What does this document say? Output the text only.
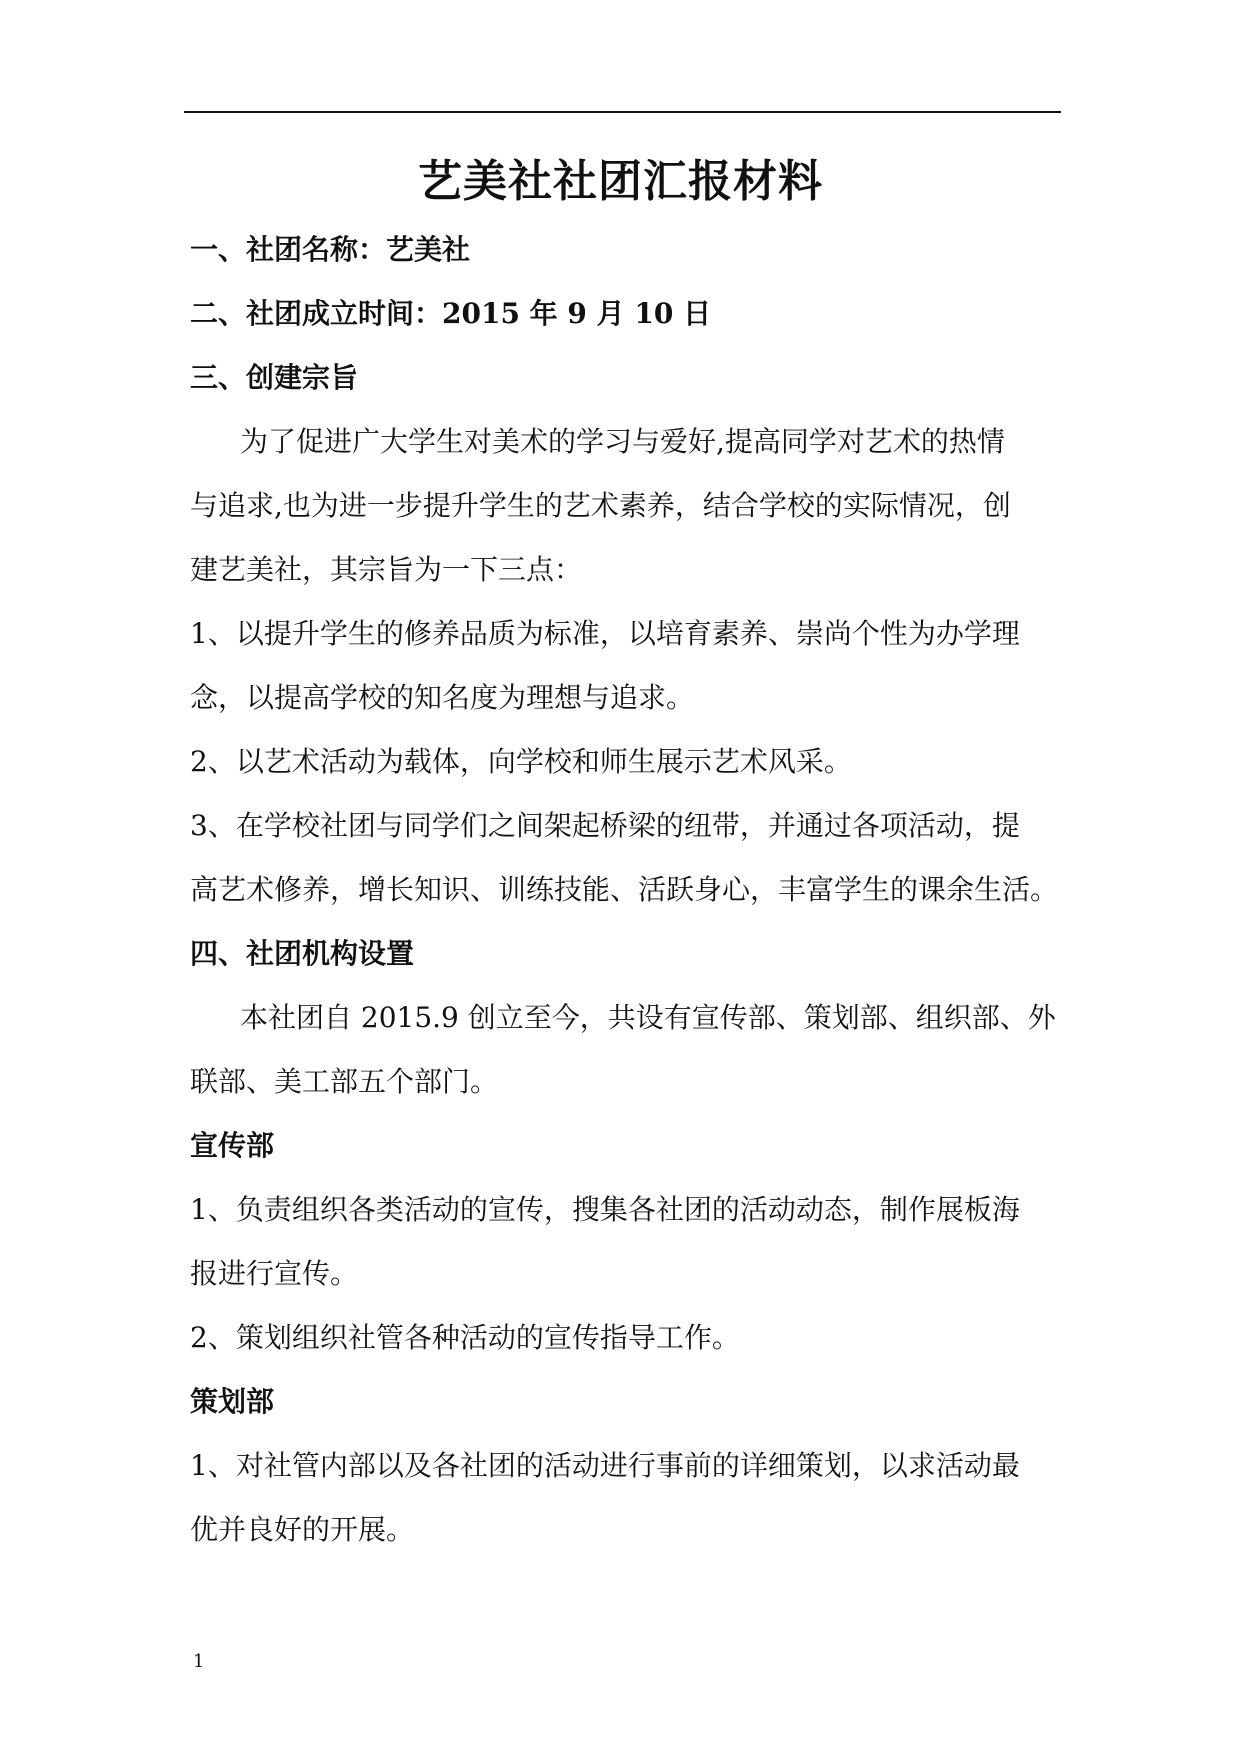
艺美社社团汇报材料
一、社团名称：艺美社
二、社团成立时间：2015 年 9 月 10 日
三、创建宗旨
　为了促进广大学生对美术的学习与爱好,提高同学对艺术的热情
与追求,也为进一步提升学生的艺术素养，结合学校的实际情况，创
建艺美社，其宗旨为一下三点：
1、以提升学生的修养品质为标准，以培育素养、崇尚个性为办学理
念，以提高学校的知名度为理想与追求。
2、以艺术活动为载体，向学校和师生展示艺术风采。
3、在学校社团与同学们之间架起桥梁的纽带，并通过各项活动，提
高艺术修养，增长知识、训练技能、活跃身心，丰富学生的课余生活。
四、社团机构设置
　本社团自 2015.9 创立至今，共设有宣传部、策划部、组织部、外
联部、美工部五个部门。
宣传部
1、负责组织各类活动的宣传，搜集各社团的活动动态，制作展板海
报进行宣传。
2、策划组织社管各种活动的宣传指导工作。
策划部
1、对社管内部以及各社团的活动进行事前的详细策划，以求活动最
优并良好的开展。
1
